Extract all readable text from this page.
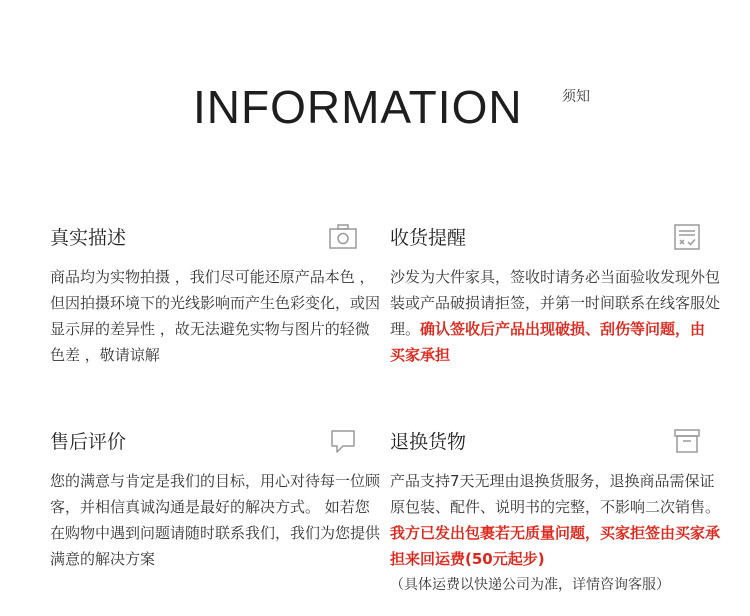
INFORMATION	须知
真实描述
商品均为实物拍摄 ，我们尽可能还原产品本色 ，但因拍摄环境下的光线影响而产生色彩变化，或因显示屏的差异性 ，故无法避免实物与图片的轻微色差 ，敬请谅解
收货提醒
沙发为大件家具，签收时请务必当面验收发现外包装或产品破损请拒签，并第一时间联系在线客服处理。确认签收后产品出现破损、刮伤等问题，由买家承担
售后评价
您的满意与肯定是我们的目标，用心对待每一位顾客，并相信真诚沟通是最好的解决方式。 如若您在购物中遇到问题请随时联系我们，我们为您提供满意的解决方案
退换货物
产品支持7天无理由退换货服务，退换商品需保证原包装、配件、说明书的完整，不影响二次销售。我方已发出包裹若无质量问题，买家拒签由买家承担来回运费(50元起步)
（具体运费以快递公司为准，详情咨询客服）
